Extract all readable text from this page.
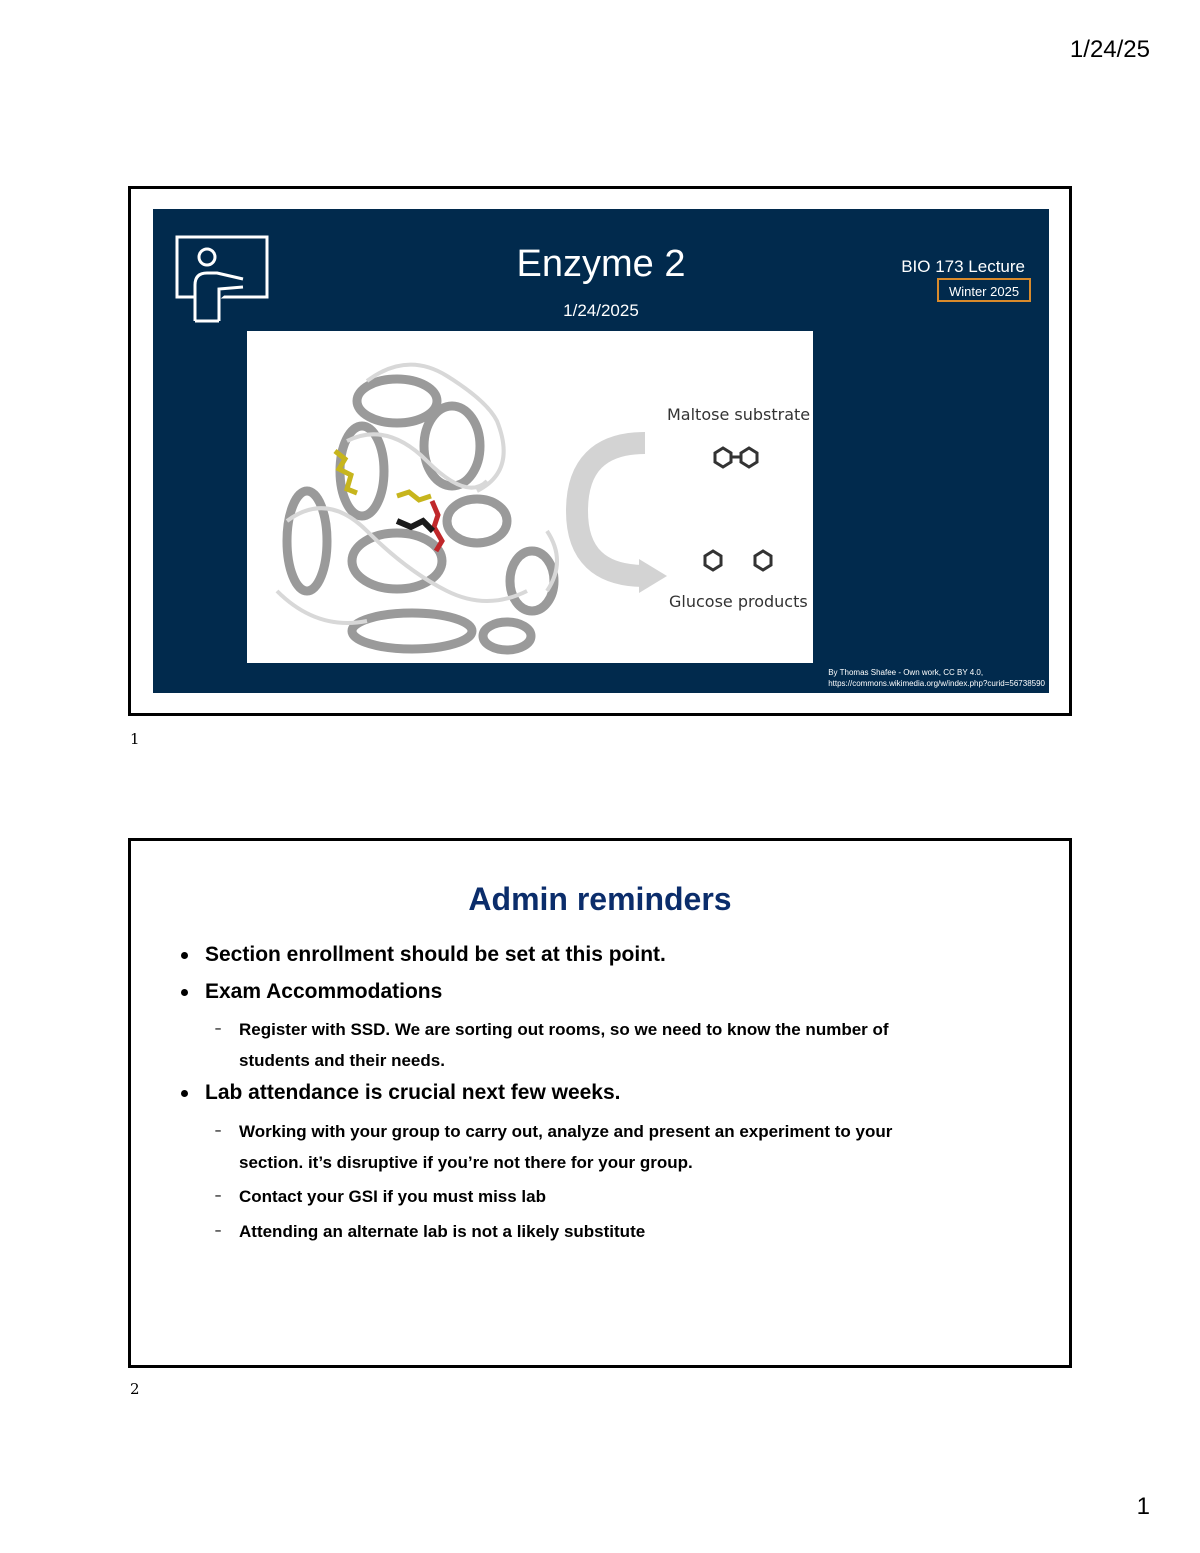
1/24/25
Enzyme 2
1/24/2025
BIO 173 Lecture
Winter 2025
Maltose substrate
Glucose products
By Thomas Shafee - Own work, CC BY 4.0,
https://commons.wikimedia.org/w/index.php?curid=56738590
1
Admin reminders
Section enrollment should be set at this point.
Exam Accommodations
– Register with SSD. We are sorting out rooms, so we need to know the number of students and their needs.
Lab attendance is crucial next few weeks.
– Working with your group to carry out, analyze and present an experiment to your section. it’s disruptive if you’re not there for your group.
– Contact your GSI if you must miss lab
– Attending an alternate lab is not a likely substitute
2
1
